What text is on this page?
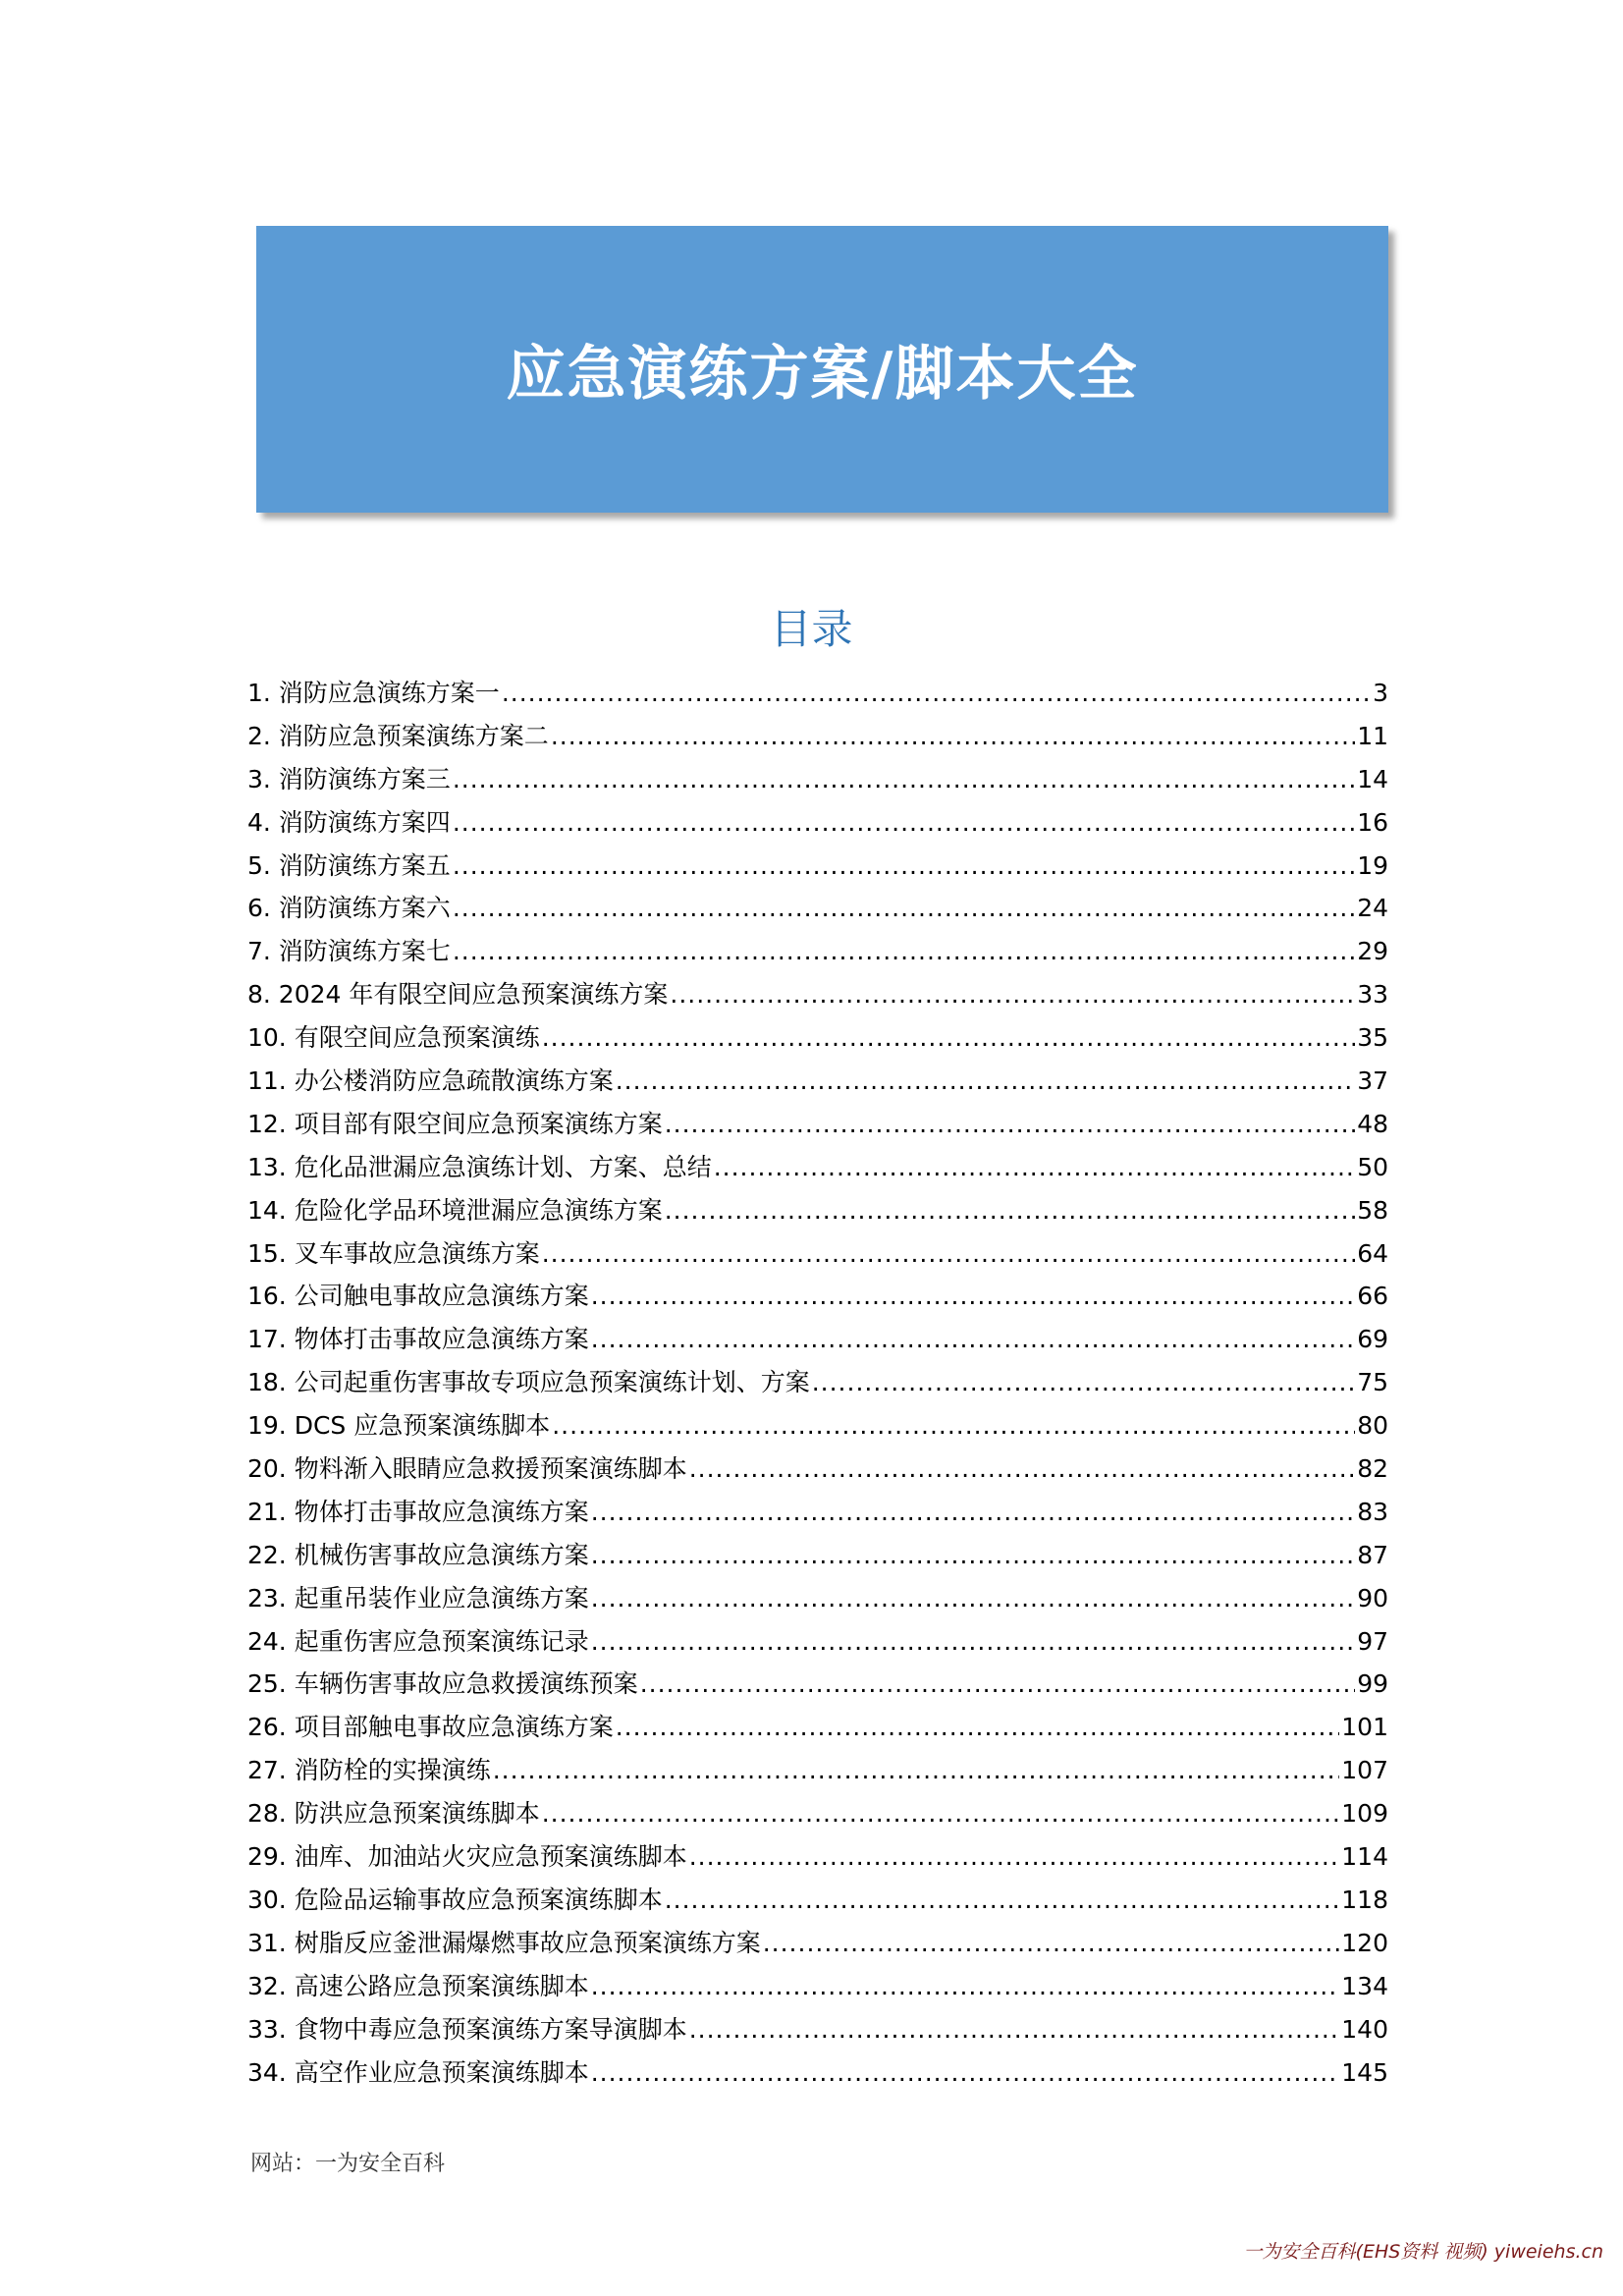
应急演练方案/脚本大全
目录
1. 消防应急演练方案一 .....	3
2. 消防应急预案演练方案二 .....	11
3. 消防演练方案三 .....	14
4. 消防演练方案四 .....	16
5. 消防演练方案五 .....	19
6. 消防演练方案六 .....	24
7. 消防演练方案七 .....	29
8. 2024 年有限空间应急预案演练方案 .....	33
10. 有限空间应急预案演练 .....	35
11. 办公楼消防应急疏散演练方案 .....	37
12. 项目部有限空间应急预案演练方案 .....	48
13. 危化品泄漏应急演练计划、方案、总结 .....	50
14. 危险化学品环境泄漏应急演练方案 .....	58
15. 叉车事故应急演练方案 .....	64
16. 公司触电事故应急演练方案 .....	66
17. 物体打击事故应急演练方案 .....	69
18. 公司起重伤害事故专项应急预案演练计划、方案 .....	75
19. DCS 应急预案演练脚本 .....	80
20. 物料渐入眼睛应急救援预案演练脚本 .....	82
21. 物体打击事故应急演练方案 .....	83
22. 机械伤害事故应急演练方案 .....	87
23. 起重吊装作业应急演练方案 .....	90
24. 起重伤害应急预案演练记录 .....	97
25. 车辆伤害事故应急救援演练预案 .....	99
26. 项目部触电事故应急演练方案 .....	101
27. 消防栓的实操演练 .....	107
28. 防洪应急预案演练脚本 .....	109
29. 油库、加油站火灾应急预案演练脚本 .....	114
30. 危险品运输事故应急预案演练脚本 .....	118
31. 树脂反应釜泄漏爆燃事故应急预案演练方案 .....	120
32. 高速公路应急预案演练脚本 .....	134
33. 食物中毒应急预案演练方案导演脚本 .....	140
34. 高空作业应急预案演练脚本 .....	145
网站：一为安全百科
一为安全百科(EHS资料 视频) yiweiehs.cn
